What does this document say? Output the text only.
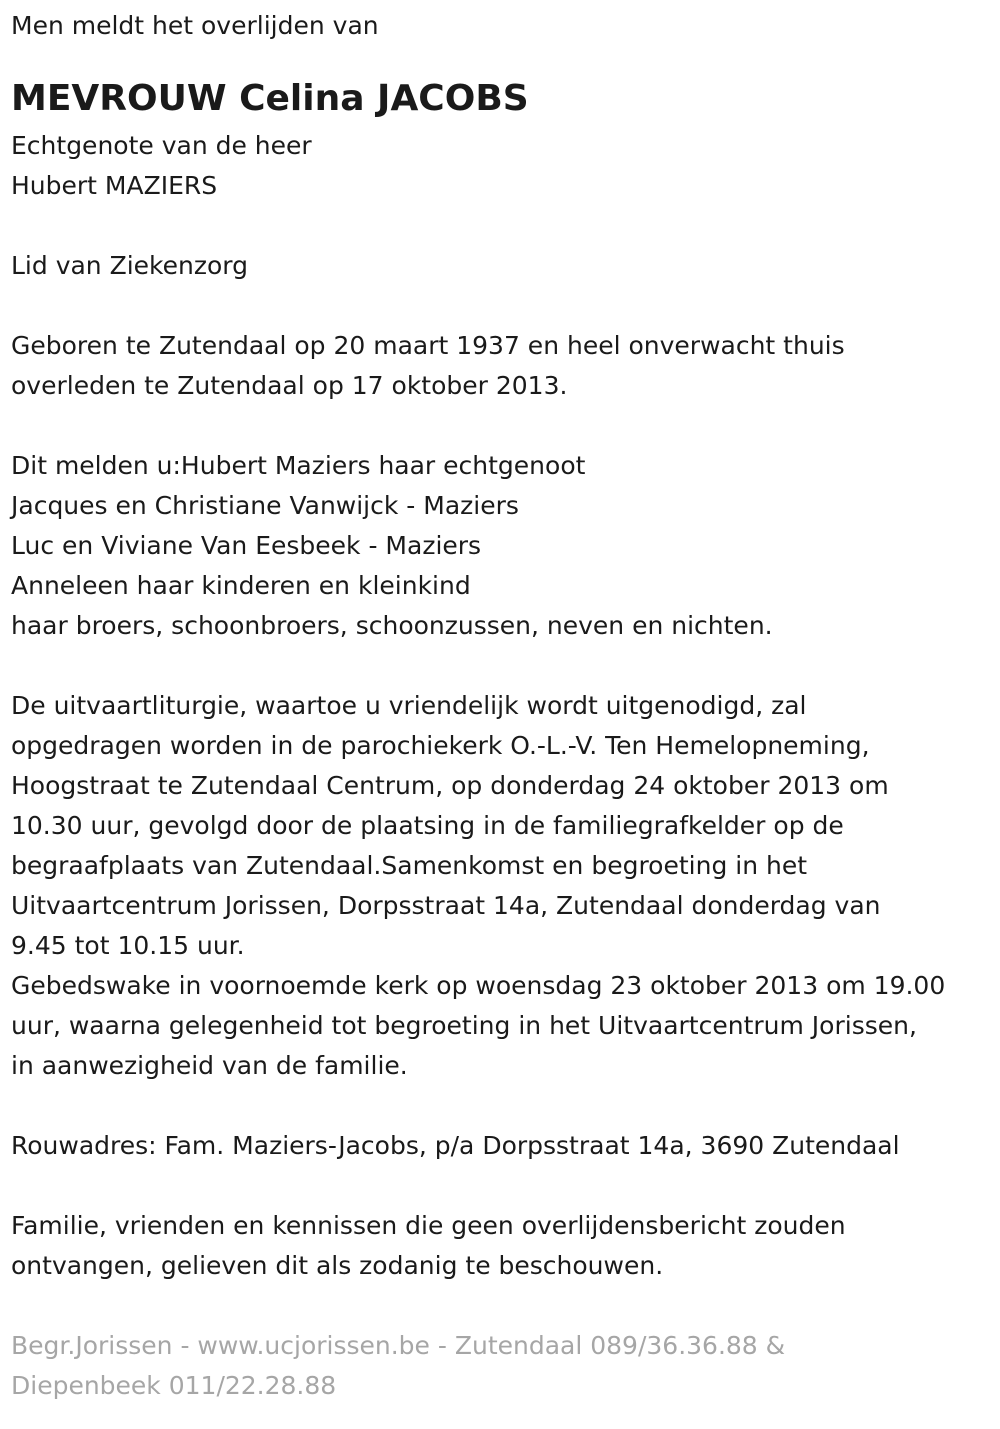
Men meldt het overlijden van

MEVROUW Celina JACOBS

Echtgenote van de heer

Hubert MAZIERS

Lid van Ziekenzorg

Geboren te Zutendaal op 20 maart 1937 en heel onverwacht thuis

overleden te Zutendaal op 17 oktober 2013.

Dit melden u:Hubert Maziers haar echtgenoot

Jacques en Christiane Vanwijck - Maziers

Luc en Viviane Van Eesbeek - Maziers

Anneleen haar kinderen en kleinkind

haar broers, schoonbroers, schoonzussen, neven en nichten.

De uitvaartliturgie, waartoe u vriendelijk wordt uitgenodigd, zal

opgedragen worden in de parochiekerk O.-L.-V. Ten Hemelopneming,

Hoogstraat te Zutendaal Centrum, op donderdag 24 oktober 2013 om

10.30 uur, gevolgd door de plaatsing in de familiegrafkelder op de

begraafplaats van Zutendaal.Samenkomst en begroeting in het

Uitvaartcentrum Jorissen, Dorpsstraat 14a, Zutendaal donderdag van

9.45 tot 10.15 uur.

Gebedswake in voornoemde kerk op woensdag 23 oktober 2013 om 19.00

uur, waarna gelegenheid tot begroeting in het Uitvaartcentrum Jorissen,

in aanwezigheid van de familie.

Rouwadres: Fam. Maziers-Jacobs, p/a Dorpsstraat 14a, 3690 Zutendaal

Familie, vrienden en kennissen die geen overlijdensbericht zouden

ontvangen, gelieven dit als zodanig te beschouwen.

Begr.Jorissen - www.ucjorissen.be - Zutendaal 089/36.36.88 &

Diepenbeek 011/22.28.88
